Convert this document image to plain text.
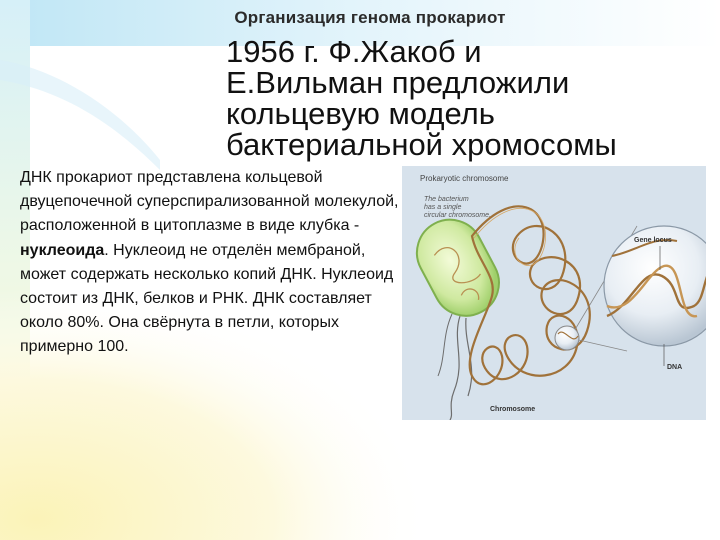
Организация генома прокариот
1956 г. Ф.Жакоб и
Е.Вильман предложили
кольцевую модель
бактериальной хромосомы
ДНК прокариот представлена кольцевой двуцепочечной суперспирализованной молекулой, расположенной в цитоплазме в виде клубка - нуклеоида. Нуклеоид не отделён мембраной, может содержать несколько копий ДНК. Нуклеоид состоит из ДНК, белков и РНК. ДНК составляет около 80%. Она свёрнута в петли, которых примерно 100.
Prokaryotic chromosome
The bacterium
has a single
circular chromosome.
Gene locus
DNA
Chromosome
